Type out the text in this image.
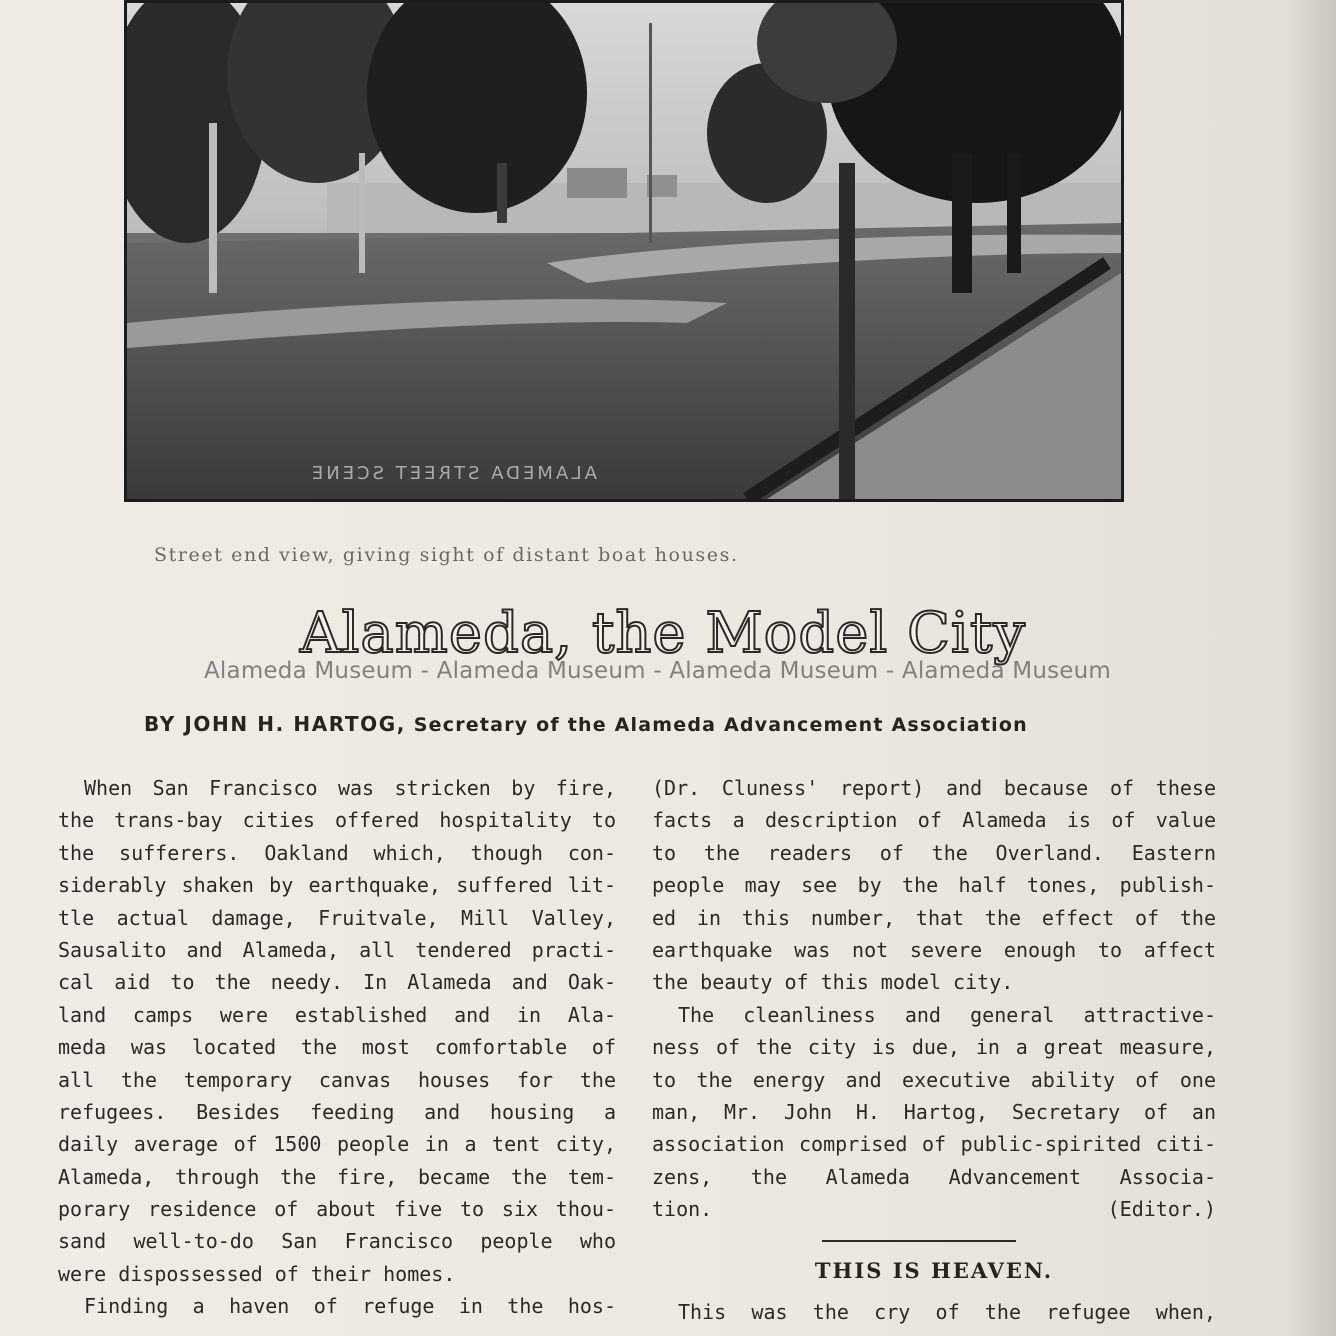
ALAMEDA STREET SCENE
Street end view, giving sight of distant boat houses.
Alameda, the Model City
Alameda Museum - Alameda Museum - Alameda Museum - Alameda Museum
BY JOHN H. HARTOG, Secretary of the Alameda Advancement Association
When San Francisco was stricken by fire,
the trans-bay cities offered hospitality to
the sufferers. Oakland which, though con-
siderably shaken by earthquake, suffered lit-
tle actual damage, Fruitvale, Mill Valley,
Sausalito and Alameda, all tendered practi-
cal aid to the needy. In Alameda and Oak-
land camps were established and in Ala-
meda was located the most comfortable of
all the temporary canvas houses for the
refugees. Besides feeding and housing a
daily average of 1500 people in a tent city,
Alameda, through the fire, became the tem-
porary residence of about five to six thou-
sand well-to-do San Francisco people who
were dispossessed of their homes.
Finding a haven of refuge in the hos-
(Dr. Cluness' report) and because of these
facts a description of Alameda is of value
to the readers of the Overland. Eastern
people may see by the half tones, publish-
ed in this number, that the effect of the
earthquake was not severe enough to affect
the beauty of this model city.
The cleanliness and general attractive-
ness of the city is due, in a great measure,
to the energy and executive ability of one
man, Mr. John H. Hartog, Secretary of an
association comprised of public-spirited citi-
zens, the Alameda Advancement Associa-
tion.	(Editor.)
THIS IS HEAVEN.
This was the cry of the refugee when,
